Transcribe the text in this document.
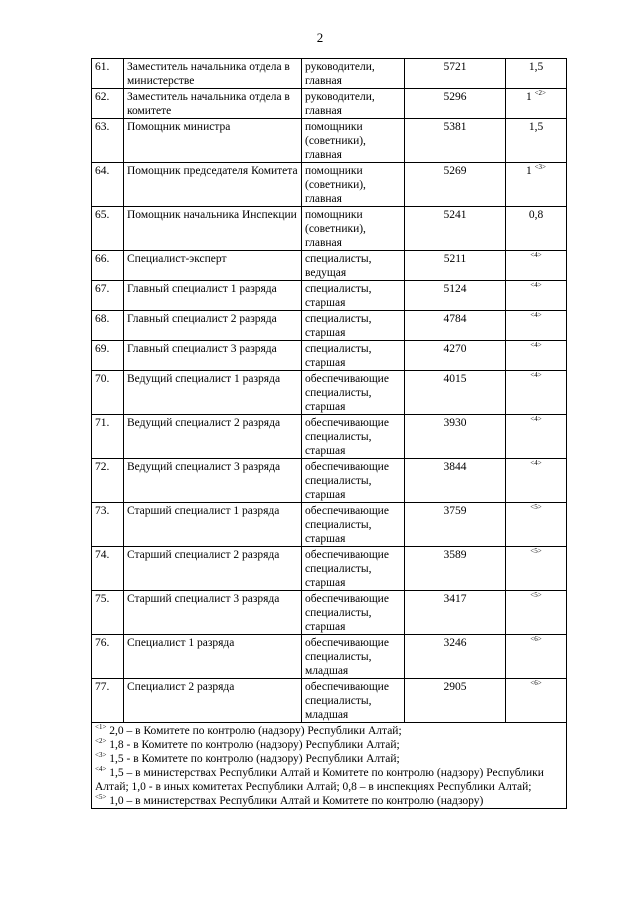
2
61.	Заместитель начальника отдела в министерстве	руководители, главная	5721	1,5
62.	Заместитель начальника отдела в комитете	руководители, главная	5296	1 $^{<2>}$
63.	Помощник министра	помощники (советники), главная	5381	1,5
64.	Помощник председателя Комитета	помощники (советники), главная	5269	1 $^{<3>}$
65.	Помощник начальника Инспекции	помощники (советники), главная	5241	0,8
66.	Специалист-эксперт	специалисты, ведущая	5211	$^{<4>}$
67.	Главный специалист 1 разряда	специалисты, старшая	5124	$^{<4>}$
68.	Главный специалист 2 разряда	специалисты, старшая	4784	$^{<4>}$
69.	Главный специалист 3 разряда	специалисты, старшая	4270	$^{<4>}$
70.	Ведущий специалист 1 разряда	обеспечивающие специалисты, старшая	4015	$^{<4>}$
71.	Ведущий специалист 2 разряда	обеспечивающие специалисты, старшая	3930	$^{<4>}$
72.	Ведущий специалист 3 разряда	обеспечивающие специалисты, старшая	3844	$^{<4>}$
73.	Старший специалист 1 разряда	обеспечивающие специалисты, старшая	3759	$^{<5>}$
74.	Старший специалист 2 разряда	обеспечивающие специалисты, старшая	3589	$^{<5>}$
75.	Старший специалист 3 разряда	обеспечивающие специалисты, старшая	3417	$^{<5>}$
76.	Специалист 1 разряда	обеспечивающие специалисты, младшая	3246	$^{<6>}$
77.	Специалист 2 разряда	обеспечивающие специалисты, младшая	2905	$^{<6>}$

$^{<1>}$ 2,0 – в Комитете по контролю (надзору) Республики Алтай;
$^{<2>}$ 1,8 - в Комитете по контролю (надзору) Республики Алтай;
$^{<3>}$ 1,5 - в Комитете по контролю (надзору) Республики Алтай;
$^{<4>}$ 1,5 – в министерствах Республики Алтай и Комитете по контролю (надзору) Республики Алтай; 1,0 - в иных комитетах Республики Алтай; 0,8 – в инспекциях Республики Алтай;
$^{<5>}$ 1,0 – в министерствах Республики Алтай и Комитете по контролю (надзору)				
